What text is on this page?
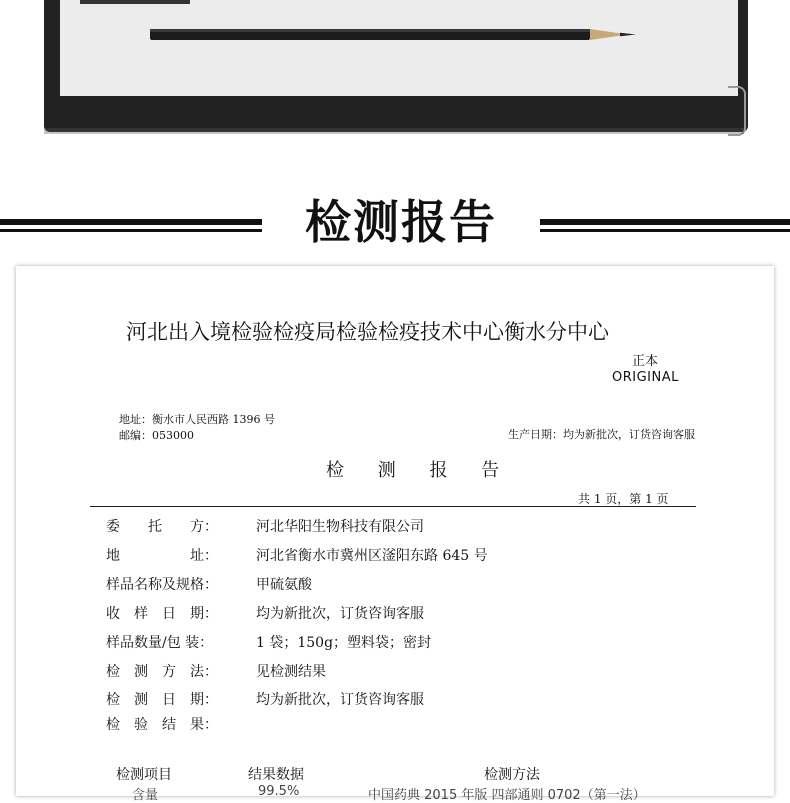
检测报告
河北出入境检验检疫局检验检疫技术中心衡水分中心
正本
ORIGINAL
地址：衡水市人民西路 1396 号
邮编：053000	生产日期：均为新批次，订货咨询客服
检 测 报 告
共 1 页，第 1 页
委　　托　　方：	河北华阳生物科技有限公司
地　　　　　址：	河北省衡水市冀州区滏阳东路 645 号
样品名称及规格：	甲硫氨酸
收　样　日　期：	均为新批次，订货咨询客服
样品数量/包 装：	1 袋；150g；塑料袋；密封
检　测　方　法：	见检测结果
检　测　日　期：	均为新批次，订货咨询客服
检　验　结　果：
检测项目	结果数据	检测方法
含量	99.5%	中国药典 2015 年版 四部通则 0702（第一法）
